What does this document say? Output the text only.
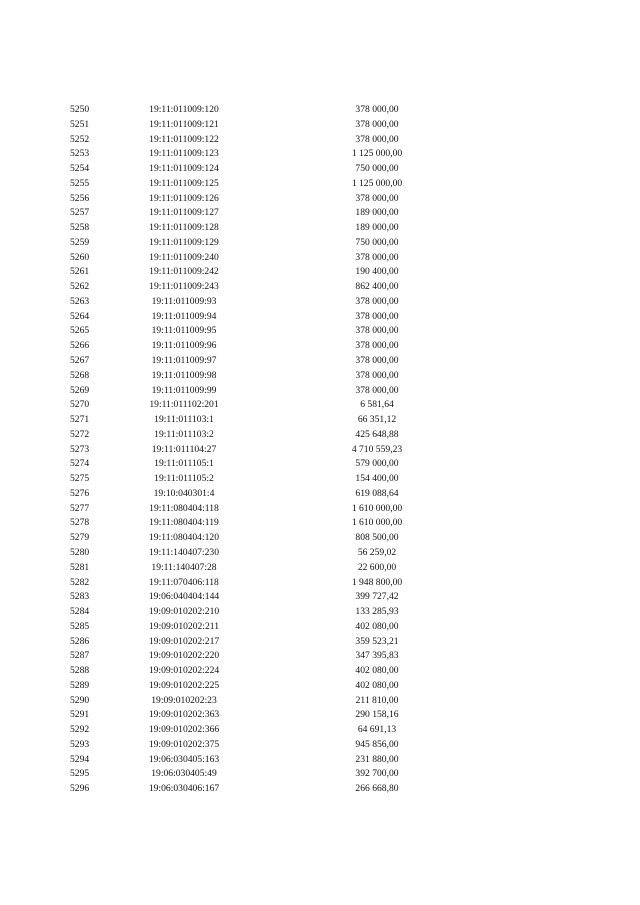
5250	19:11:011009:120	378 000,00
5251	19:11:011009:121	378 000,00
5252	19:11:011009:122	378 000,00
5253	19:11:011009:123	1 125 000,00
5254	19:11:011009:124	750 000,00
5255	19:11:011009:125	1 125 000,00
5256	19:11:011009:126	378 000,00
5257	19:11:011009:127	189 000,00
5258	19:11:011009:128	189 000,00
5259	19:11:011009:129	750 000,00
5260	19:11:011009:240	378 000,00
5261	19:11:011009:242	190 400,00
5262	19:11:011009:243	862 400,00
5263	19:11:011009:93	378 000,00
5264	19:11:011009:94	378 000,00
5265	19:11:011009:95	378 000,00
5266	19:11:011009:96	378 000,00
5267	19:11:011009:97	378 000,00
5268	19:11:011009:98	378 000,00
5269	19:11:011009:99	378 000,00
5270	19:11:011102:201	6 581,64
5271	19:11:011103:1	66 351,12
5272	19:11:011103:2	425 648,88
5273	19:11:011104:27	4 710 559,23
5274	19:11:011105:1	579 000,00
5275	19:11:011105:2	154 400,00
5276	19:10:040301:4	619 088,64
5277	19:11:080404:118	1 610 000,00
5278	19:11:080404:119	1 610 000,00
5279	19:11:080404:120	808 500,00
5280	19:11:140407:230	56 259,02
5281	19:11:140407:28	22 600,00
5282	19:11:070406:118	1 948 800,00
5283	19:06:040404:144	399 727,42
5284	19:09:010202:210	133 285,93
5285	19:09:010202:211	402 080,00
5286	19:09:010202:217	359 523,21
5287	19:09:010202:220	347 395,83
5288	19:09:010202:224	402 080,00
5289	19:09:010202:225	402 080,00
5290	19:09:010202:23	211 810,00
5291	19:09:010202:363	290 158,16
5292	19:09:010202:366	64 691,13
5293	19:09:010202:375	945 856,00
5294	19:06:030405:163	231 880,00
5295	19:06:030405:49	392 700,00
5296	19:06:030406:167	266 668,80
